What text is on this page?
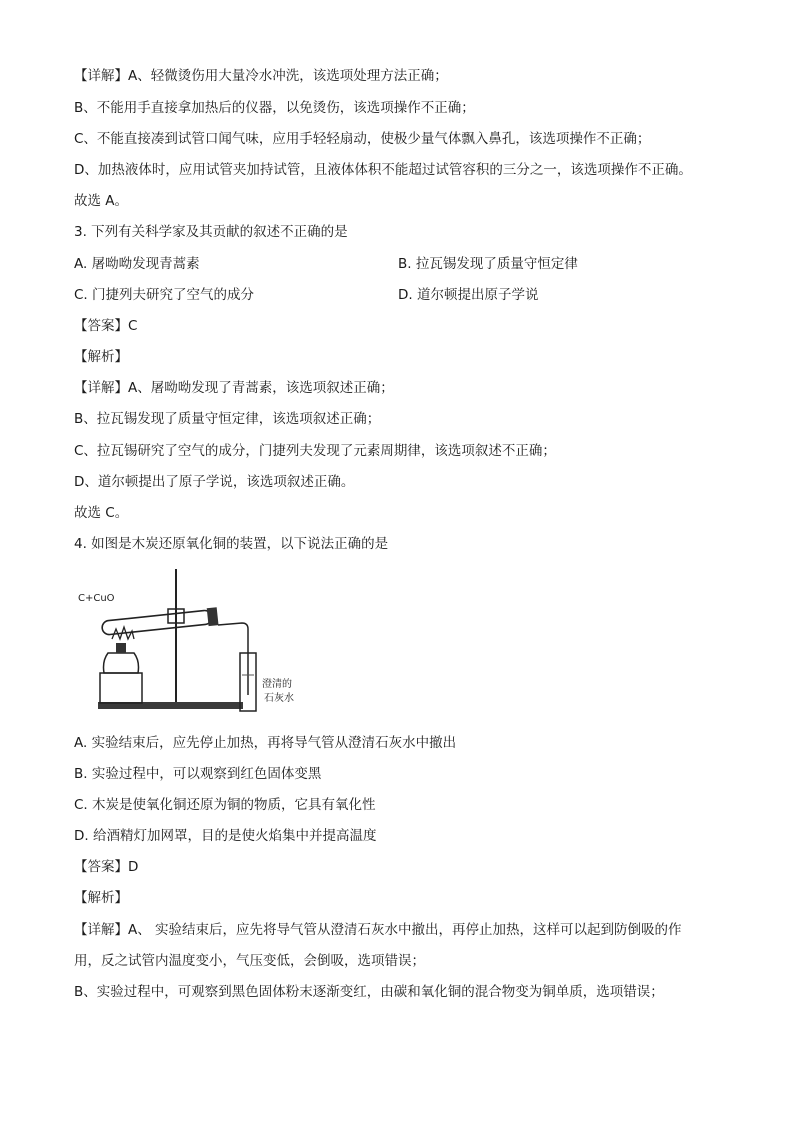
【详解】A、轻微烫伤用大量冷水冲洗，该选项处理方法正确；
B、不能用手直接拿加热后的仪器，以免烫伤，该选项操作不正确；
C、不能直接凑到试管口闻气味，应用手轻轻扇动，使极少量气体飘入鼻孔，该选项操作不正确；
D、加热液体时，应用试管夹加持试管，且液体体积不能超过试管容积的三分之一，该选项操作不正确。
故选 A。
3. 下列有关科学家及其贡献的叙述不正确的是
A. 屠呦呦发现青蒿素	B. 拉瓦锡发现了质量守恒定律
C. 门捷列夫研究了空气的成分	D. 道尔顿提出原子学说
【答案】C
【解析】
【详解】A、屠呦呦发现了青蒿素，该选项叙述正确；
B、拉瓦锡发现了质量守恒定律，该选项叙述正确；
C、拉瓦锡研究了空气的成分，门捷列夫发现了元素周期律，该选项叙述不正确；
D、道尔顿提出了原子学说，该选项叙述正确。
故选 C。
4. 如图是木炭还原氧化铜的装置，以下说法正确的是
C+CuO
澄清的
石灰水
A. 实验结束后，应先停止加热，再将导气管从澄清石灰水中撤出
B. 实验过程中，可以观察到红色固体变黑
C. 木炭是使氧化铜还原为铜的物质，它具有氧化性
D. 给酒精灯加网罩，目的是使火焰集中并提高温度
【答案】D
【解析】
【详解】A、 实验结束后，应先将导气管从澄清石灰水中撤出，再停止加热，这样可以起到防倒吸的作
用，反之试管内温度变小，气压变低，会倒吸，选项错误；
B、实验过程中，可观察到黑色固体粉末逐渐变红，由碳和氧化铜的混合物变为铜单质，选项错误；
